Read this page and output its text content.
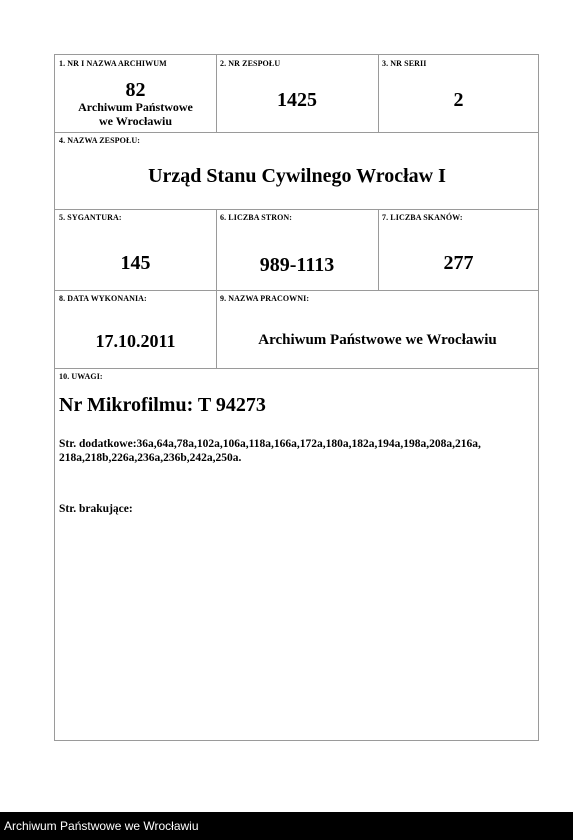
1. NR I NAZWA ARCHIWUM
82
Archiwum Państwowe
we Wrocławiu
2. NR ZESPOŁU
1425
3. NR SERII
2
4. NAZWA ZESPOŁU:
Urząd Stanu Cywilnego Wrocław I
5. SYGANTURA:
145
6. LICZBA STRON:
989-1113
7. LICZBA SKANÓW:
277
8. DATA WYKONANIA:
17.10.2011
9. NAZWA PRACOWNI:
Archiwum Państwowe we Wrocławiu
10. UWAGI:
Nr Mikrofilmu: T 94273
Str. dodatkowe:36a,64a,78a,102a,106a,118a,166a,172a,180a,182a,194a,198a,208a,216a,
218a,218b,226a,236a,236b,242a,250a.
Str. brakujące:
Archiwum Państwowe we Wrocławiu
